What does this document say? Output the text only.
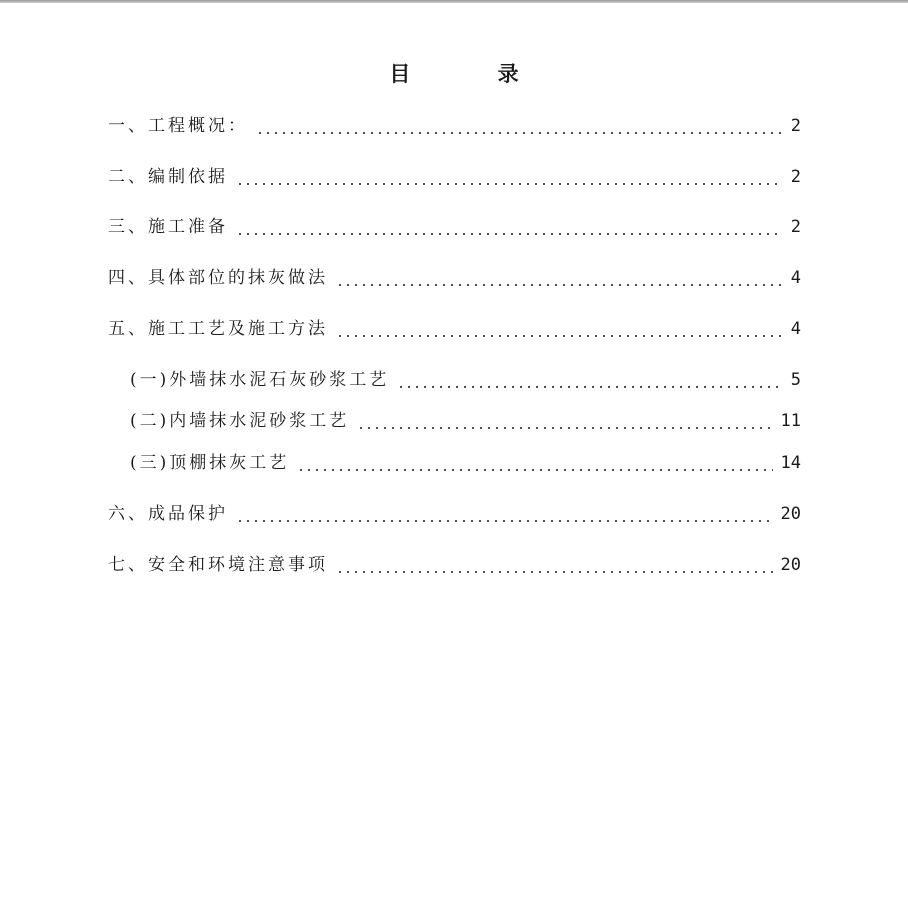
目 录
一、工程概况：	2
二、编制依据	2
三、施工准备	2
四、具体部位的抹灰做法	4
五、施工工艺及施工方法	4
(一)外墙抹水泥石灰砂浆工艺	5
(二)内墙抹水泥砂浆工艺	11
(三)顶棚抹灰工艺	14
六、成品保护	20
七、安全和环境注意事项	20
